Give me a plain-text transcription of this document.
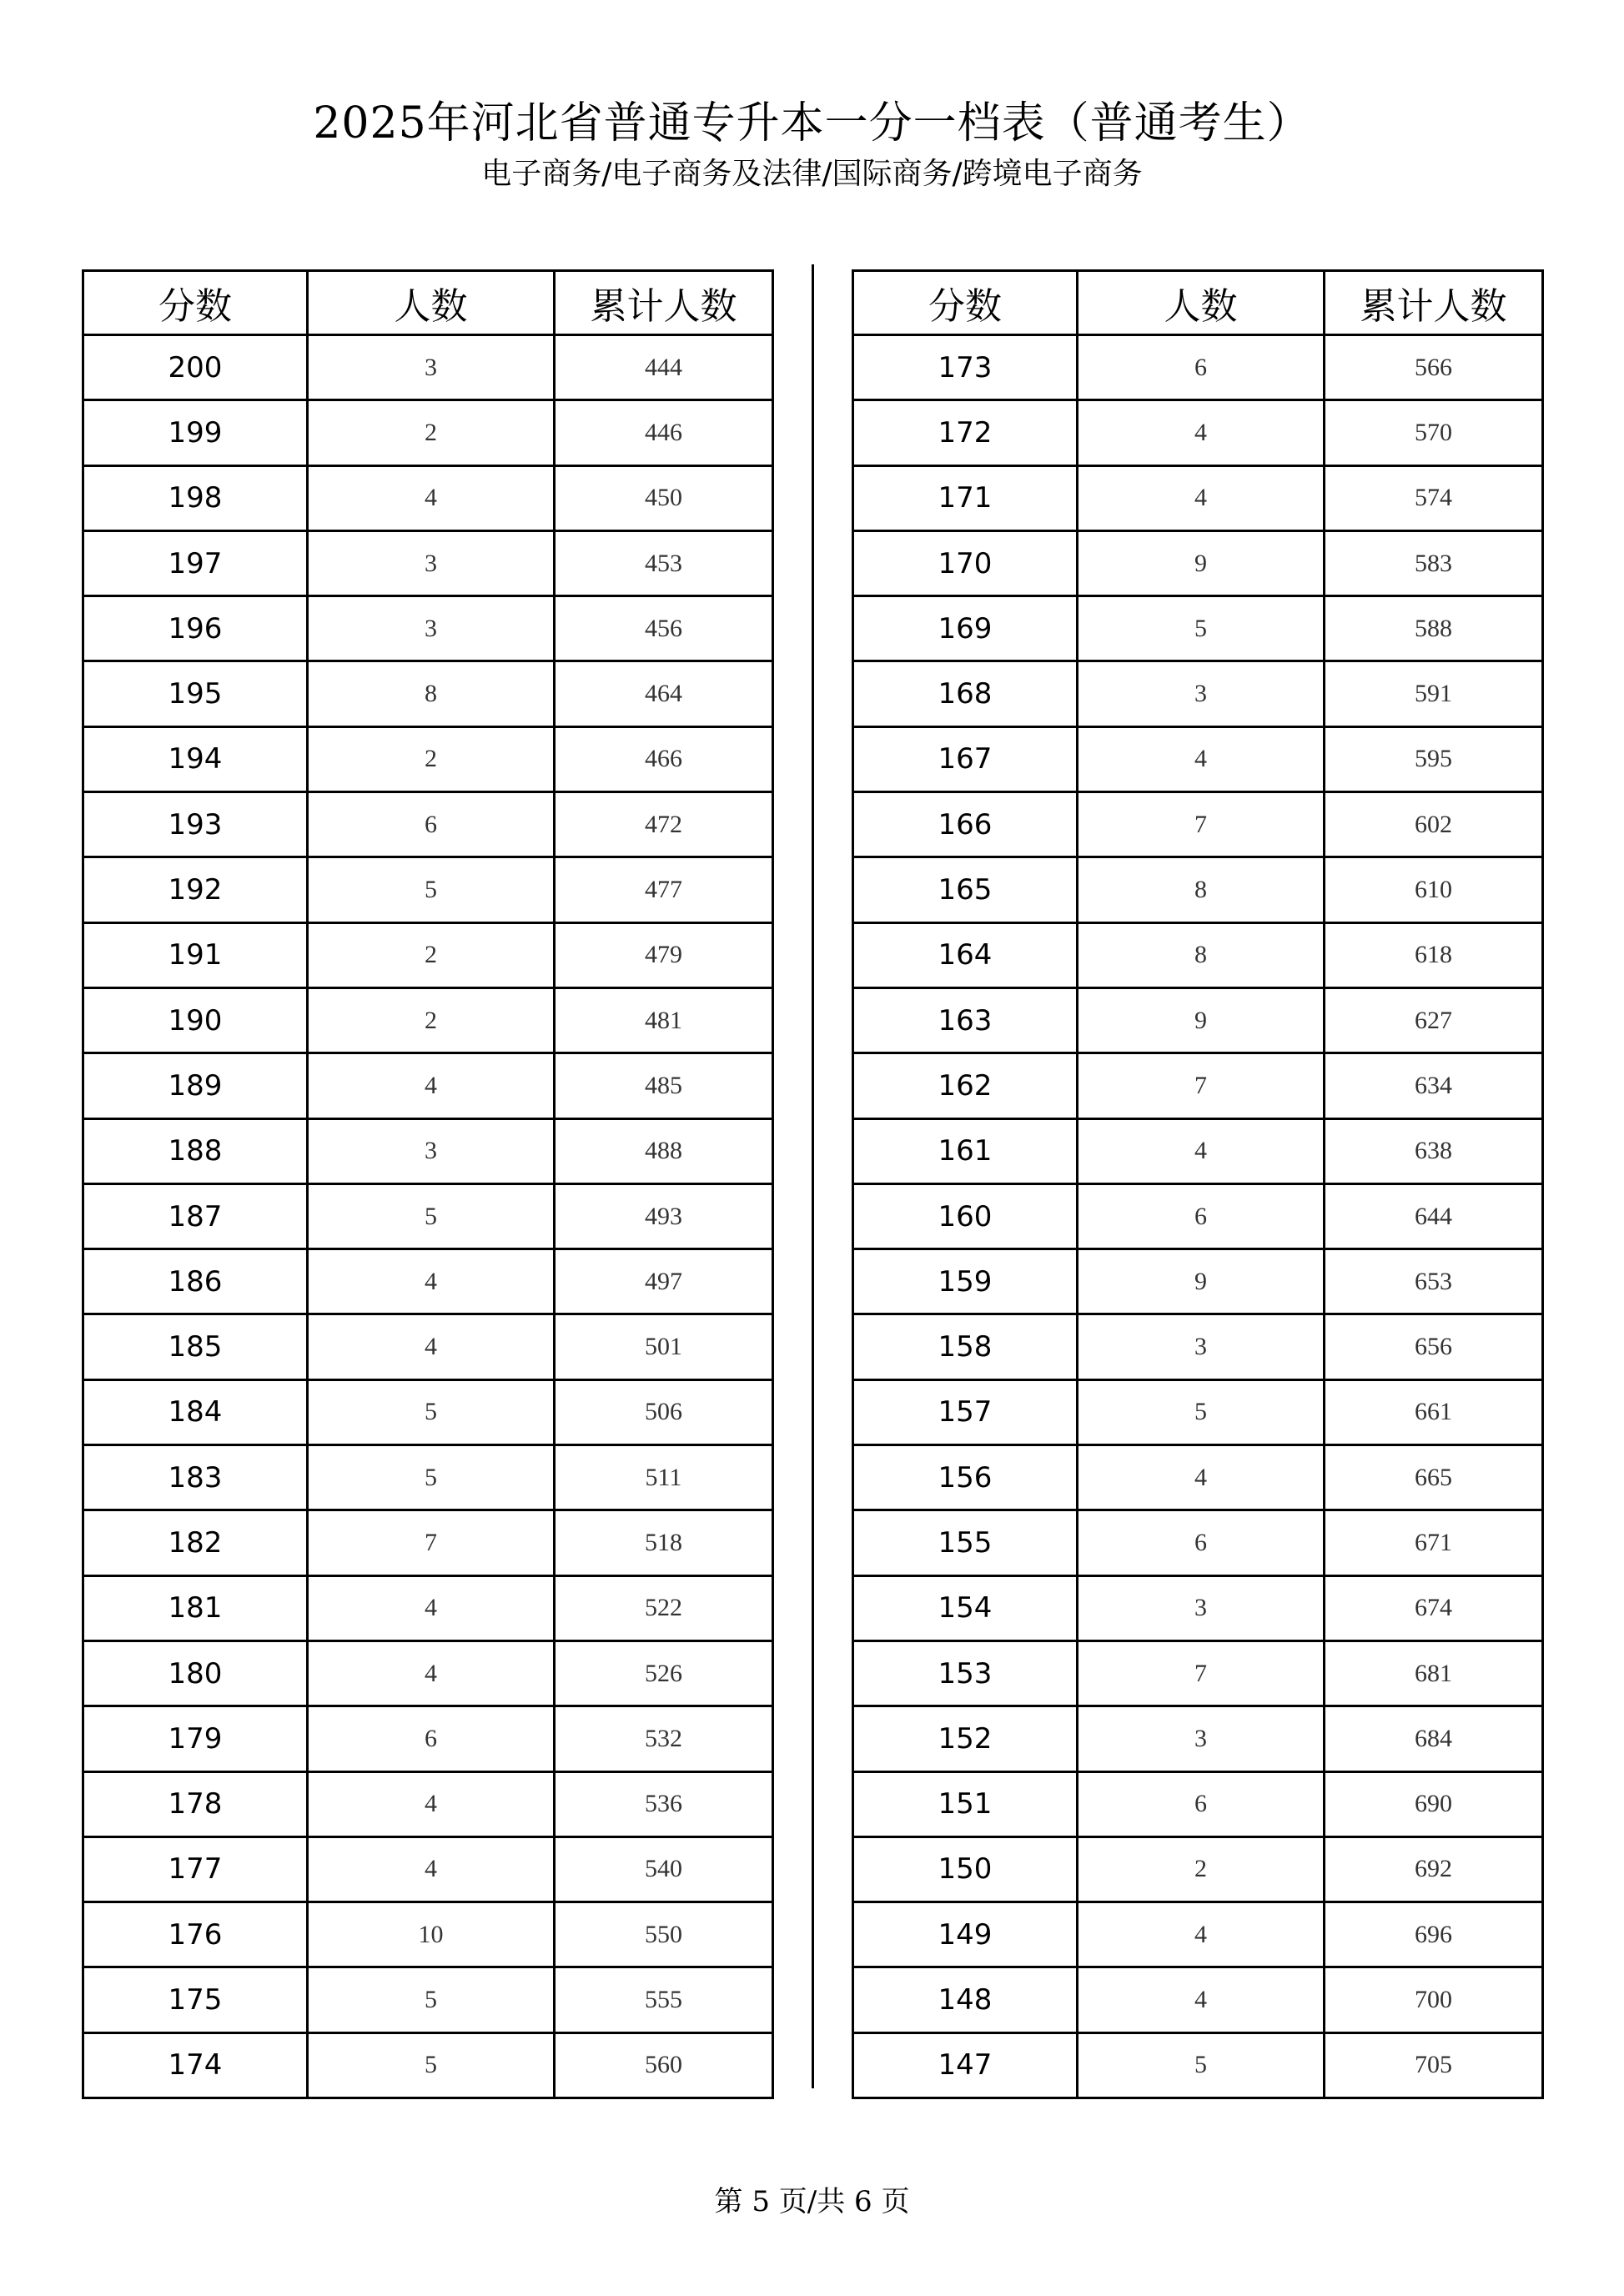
2025年河北省普通专升本一分一档表（普通考生）
电子商务/电子商务及法律/国际商务/跨境电子商务
分数	人数	累计人数
200	3	444
199	2	446
198	4	450
197	3	453
196	3	456
195	8	464
194	2	466
193	6	472
192	5	477
191	2	479
190	2	481
189	4	485
188	3	488
187	5	493
186	4	497
185	4	501
184	5	506
183	5	511
182	7	518
181	4	522
180	4	526
179	6	532
178	4	536
177	4	540
176	10	550
175	5	555
174	5	560
分数	人数	累计人数
173	6	566
172	4	570
171	4	574
170	9	583
169	5	588
168	3	591
167	4	595
166	7	602
165	8	610
164	8	618
163	9	627
162	7	634
161	4	638
160	6	644
159	9	653
158	3	656
157	5	661
156	4	665
155	6	671
154	3	674
153	7	681
152	3	684
151	6	690
150	2	692
149	4	696
148	4	700
147	5	705
第 5 页/共 6 页
